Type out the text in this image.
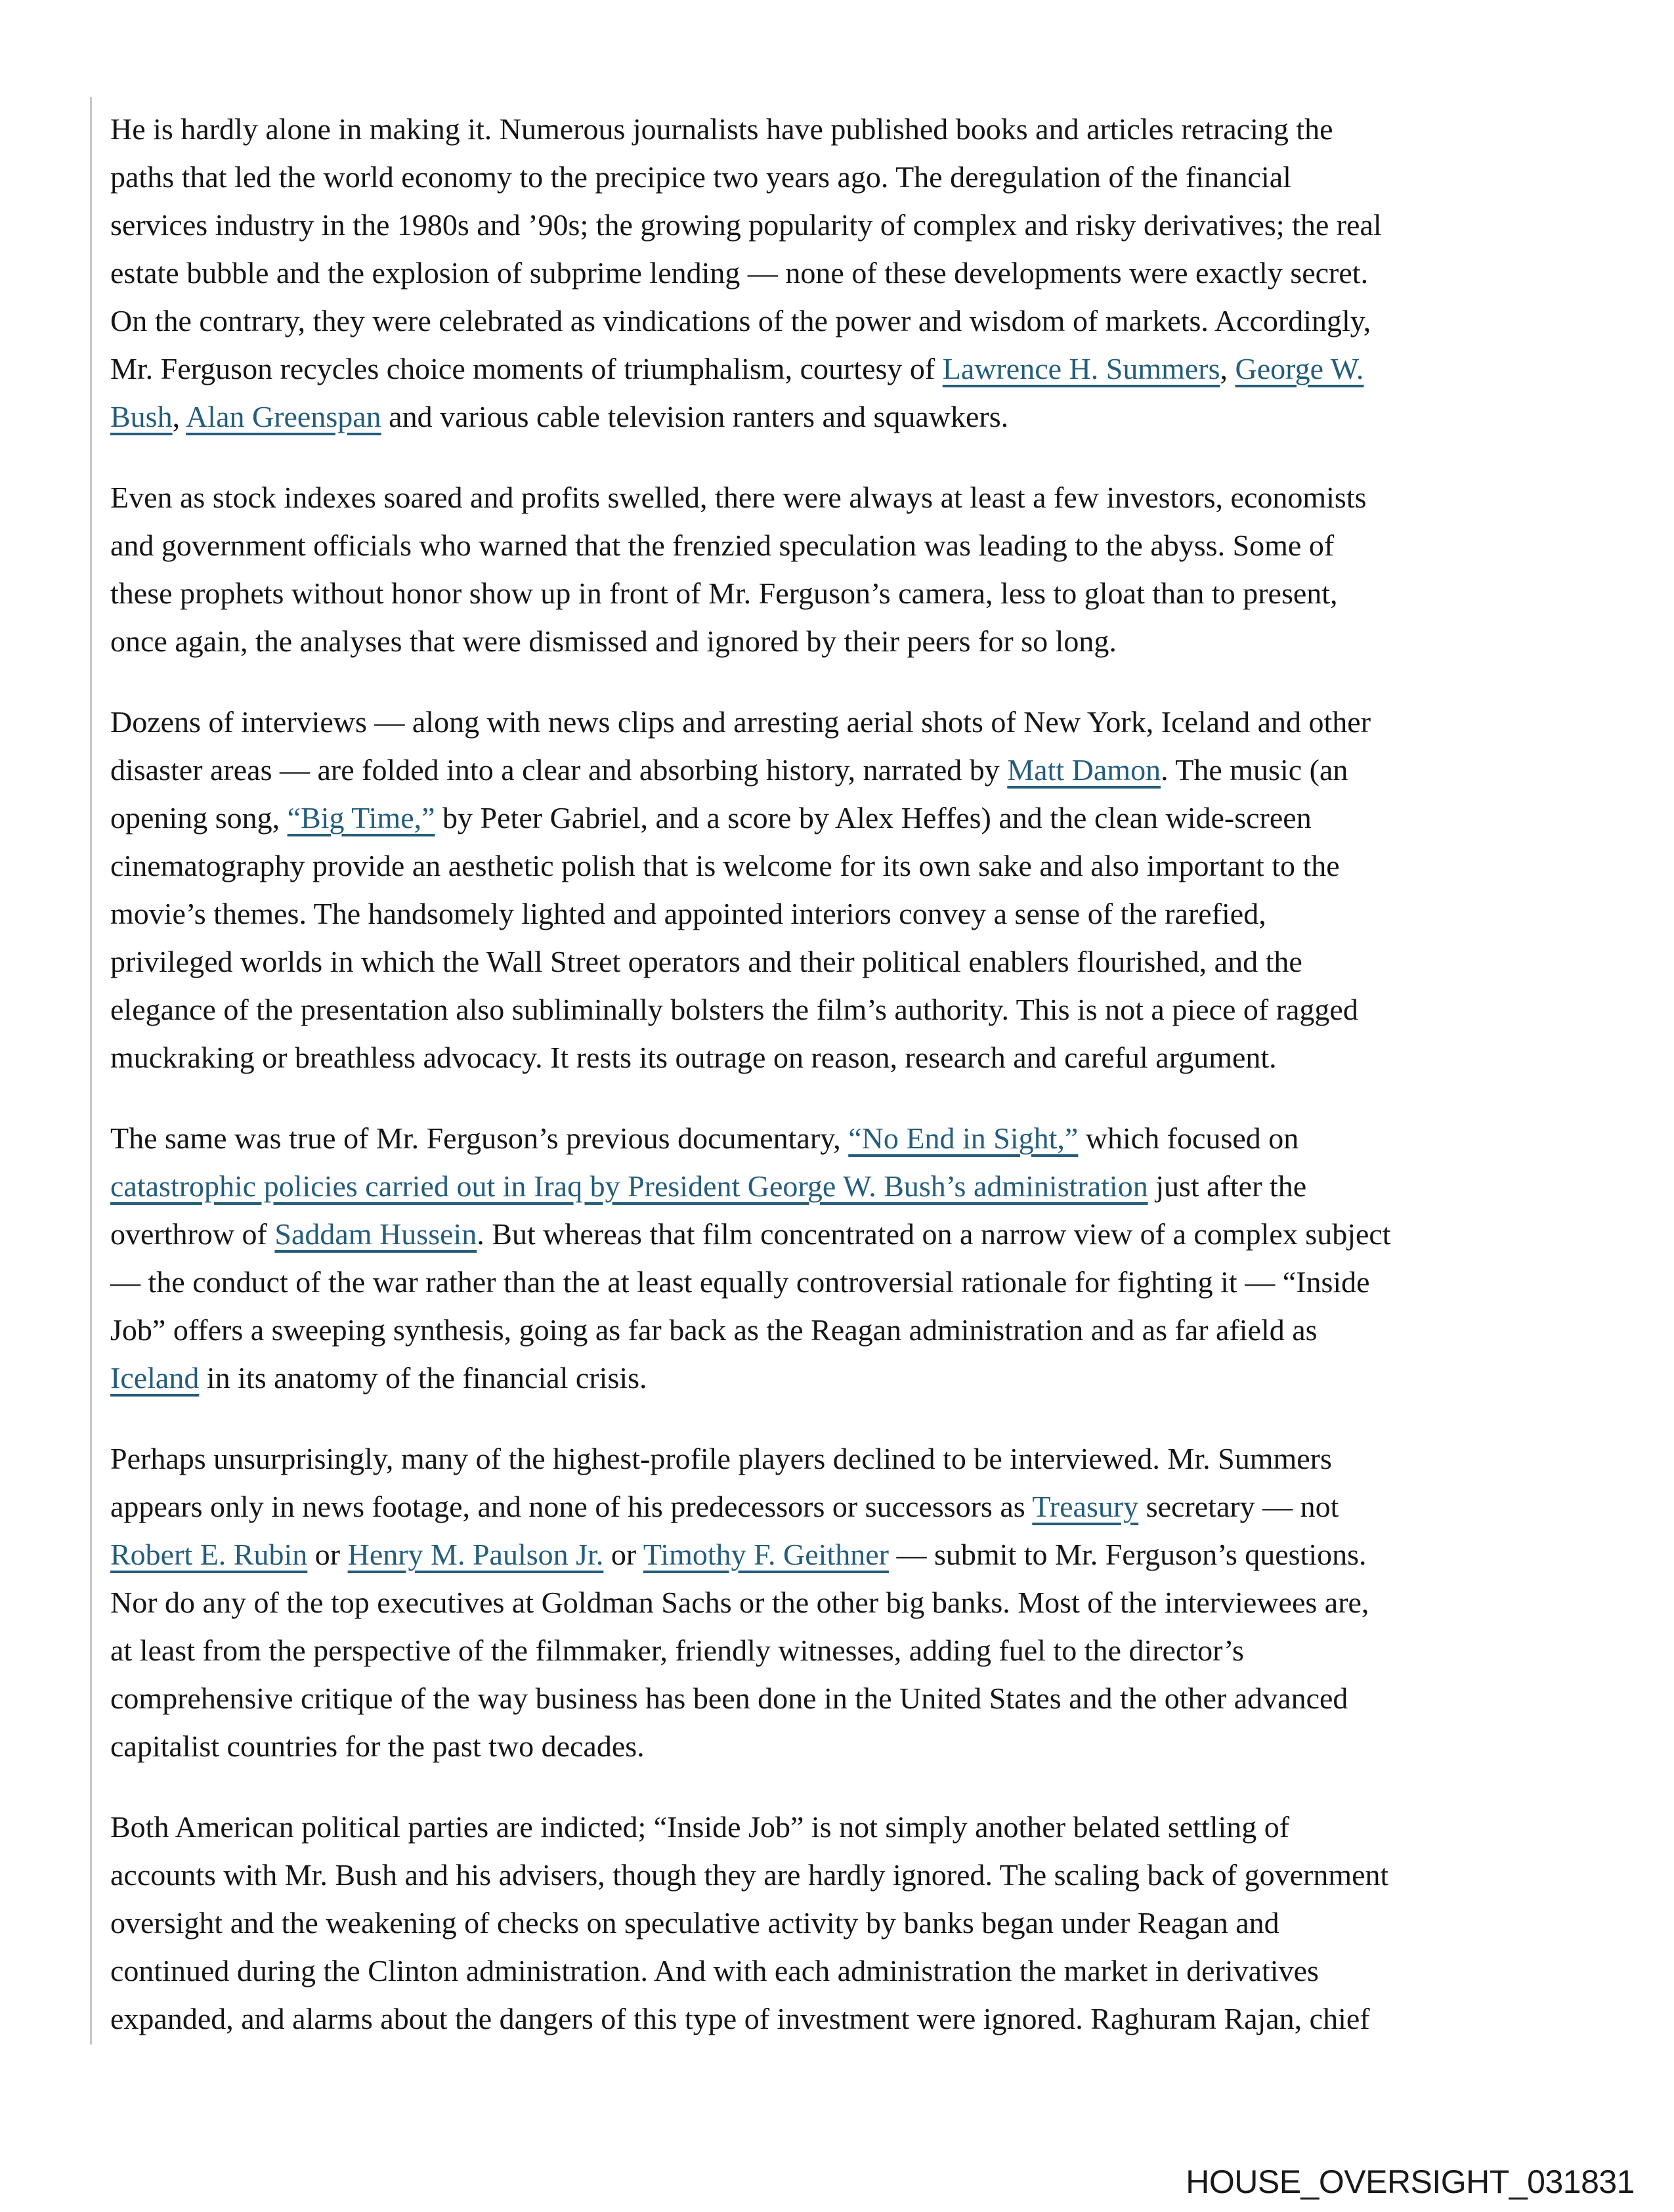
He is hardly alone in making it. Numerous journalists have published books and articles retracing the
paths that led the world economy to the precipice two years ago. The deregulation of the financial
services industry in the 1980s and ’90s; the growing popularity of complex and risky derivatives; the real
estate bubble and the explosion of subprime lending — none of these developments were exactly secret.
On the contrary, they were celebrated as vindications of the power and wisdom of markets. Accordingly,
Mr. Ferguson recycles choice moments of triumphalism, courtesy of Lawrence H. Summers, George W.
Bush, Alan Greenspan and various cable television ranters and squawkers.
Even as stock indexes soared and profits swelled, there were always at least a few investors, economists
and government officials who warned that the frenzied speculation was leading to the abyss. Some of
these prophets without honor show up in front of Mr. Ferguson’s camera, less to gloat than to present,
once again, the analyses that were dismissed and ignored by their peers for so long.
Dozens of interviews — along with news clips and arresting aerial shots of New York, Iceland and other
disaster areas — are folded into a clear and absorbing history, narrated by Matt Damon. The music (an
opening song, “Big Time,” by Peter Gabriel, and a score by Alex Heffes) and the clean wide-screen
cinematography provide an aesthetic polish that is welcome for its own sake and also important to the
movie’s themes. The handsomely lighted and appointed interiors convey a sense of the rarefied,
privileged worlds in which the Wall Street operators and their political enablers flourished, and the
elegance of the presentation also subliminally bolsters the film’s authority. This is not a piece of ragged
muckraking or breathless advocacy. It rests its outrage on reason, research and careful argument.
The same was true of Mr. Ferguson’s previous documentary, “No End in Sight,” which focused on
catastrophic policies carried out in Iraq by President George W. Bush’s administration just after the
overthrow of Saddam Hussein. But whereas that film concentrated on a narrow view of a complex subject
— the conduct of the war rather than the at least equally controversial rationale for fighting it — “Inside
Job” offers a sweeping synthesis, going as far back as the Reagan administration and as far afield as
Iceland in its anatomy of the financial crisis.
Perhaps unsurprisingly, many of the highest-profile players declined to be interviewed. Mr. Summers
appears only in news footage, and none of his predecessors or successors as Treasury secretary — not
Robert E. Rubin or Henry M. Paulson Jr. or Timothy F. Geithner — submit to Mr. Ferguson’s questions.
Nor do any of the top executives at Goldman Sachs or the other big banks. Most of the interviewees are,
at least from the perspective of the filmmaker, friendly witnesses, adding fuel to the director’s
comprehensive critique of the way business has been done in the United States and the other advanced
capitalist countries for the past two decades.
Both American political parties are indicted; “Inside Job” is not simply another belated settling of
accounts with Mr. Bush and his advisers, though they are hardly ignored. The scaling back of government
oversight and the weakening of checks on speculative activity by banks began under Reagan and
continued during the Clinton administration. And with each administration the market in derivatives
expanded, and alarms about the dangers of this type of investment were ignored. Raghuram Rajan, chief
HOUSE_OVERSIGHT_031831
